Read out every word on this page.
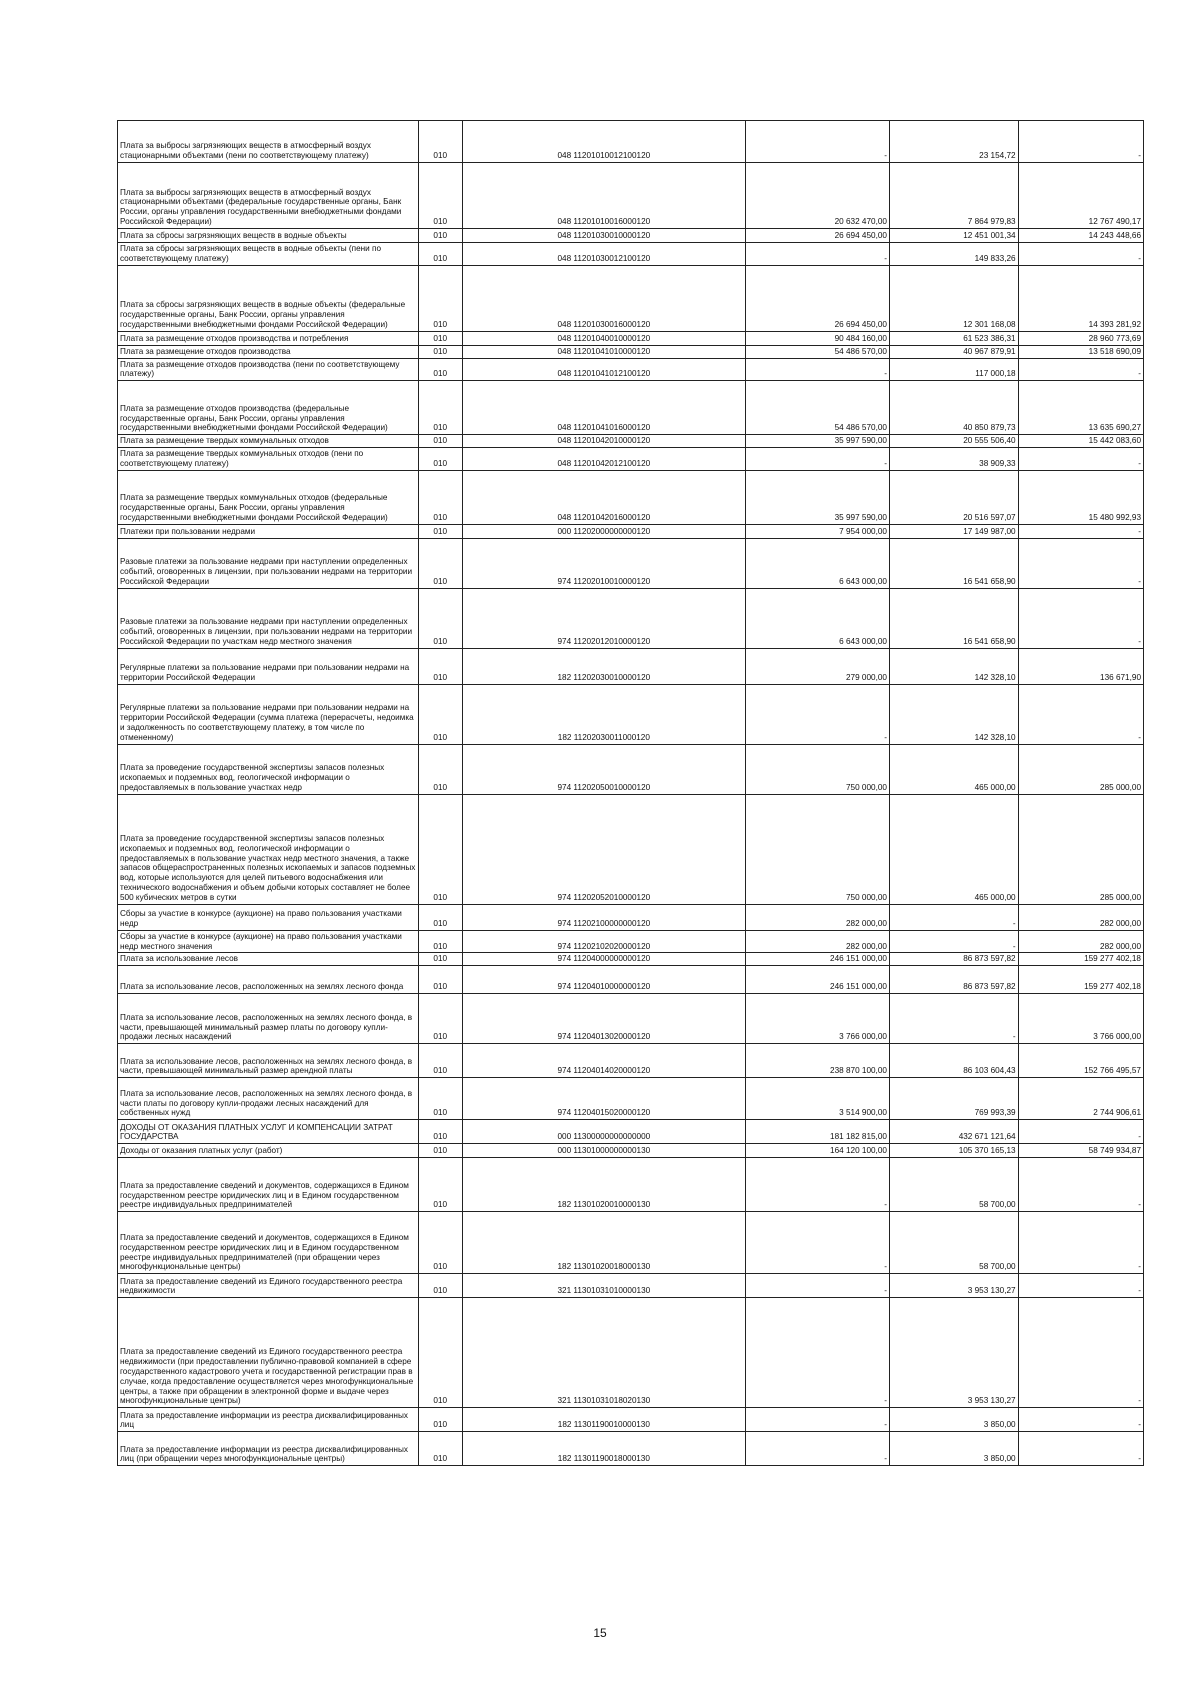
Плата за выбросы загрязняющих веществ в атмосферный воздух стационарными объектами (пени по соответствующему платежу)	010	048 11201010012100120	-	23 154,72	-
Плата за выбросы загрязняющих веществ в атмосферный воздух стационарными объектами (федеральные государственные органы, Банк России, органы управления государственными внебюджетными фондами Российской Федерации)	010	048 11201010016000120	20 632 470,00	7 864 979,83	12 767 490,17
Плата за сбросы загрязняющих веществ в водные объекты	010	048 11201030010000120	26 694 450,00	12 451 001,34	14 243 448,66
Плата за сбросы загрязняющих веществ в водные объекты (пени по соответствующему платежу)	010	048 11201030012100120	-	149 833,26	-
Плата за сбросы загрязняющих веществ в водные объекты (федеральные государственные органы, Банк России, органы управления государственными внебюджетными фондами Российской Федерации)	010	048 11201030016000120	26 694 450,00	12 301 168,08	14 393 281,92
Плата за размещение отходов производства и потребления	010	048 11201040010000120	90 484 160,00	61 523 386,31	28 960 773,69
Плата за размещение отходов производства	010	048 11201041010000120	54 486 570,00	40 967 879,91	13 518 690,09
Плата за размещение отходов производства (пени по соответствующему платежу)	010	048 11201041012100120	-	117 000,18	-
Плата за размещение отходов производства (федеральные государственные органы, Банк России, органы управления государственными внебюджетными фондами Российской Федерации)	010	048 11201041016000120	54 486 570,00	40 850 879,73	13 635 690,27
Плата за размещение твердых коммунальных отходов	010	048 11201042010000120	35 997 590,00	20 555 506,40	15 442 083,60
Плата за размещение твердых коммунальных отходов (пени по соответствующему платежу)	010	048 11201042012100120	-	38 909,33	-
Плата за размещение твердых коммунальных отходов (федеральные государственные органы, Банк России, органы управления государственными внебюджетными фондами Российской Федерации)	010	048 11201042016000120	35 997 590,00	20 516 597,07	15 480 992,93
Платежи при пользовании недрами	010	000 11202000000000120	7 954 000,00	17 149 987,00	-
Разовые платежи за пользование недрами при наступлении определенных событий, оговоренных в лицензии, при пользовании недрами на территории Российской Федерации	010	974 11202010010000120	6 643 000,00	16 541 658,90	-
Разовые платежи за пользование недрами при наступлении определенных событий, оговоренных в лицензии, при пользовании недрами на территории Российской Федерации по участкам недр местного значения	010	974 11202012010000120	6 643 000,00	16 541 658,90	-
Регулярные платежи за пользование недрами при пользовании недрами на территории Российской Федерации	010	182 11202030010000120	279 000,00	142 328,10	136 671,90
Регулярные платежи за пользование недрами при пользовании недрами на территории Российской Федерации (сумма платежа (перерасчеты, недоимка и задолженность по соответствующему платежу, в том числе по отмененному)	010	182 11202030011000120	-	142 328,10	-
Плата за проведение государственной экспертизы запасов полезных ископаемых и подземных вод, геологической информации о предоставляемых в пользование участках недр	010	974 11202050010000120	750 000,00	465 000,00	285 000,00
Плата за проведение государственной экспертизы запасов полезных ископаемых и подземных вод, геологической информации о предоставляемых в пользование участках недр местного значения, а также запасов общераспространенных полезных ископаемых и запасов подземных вод, которые используются для целей питьевого водоснабжения или технического водоснабжения и объем добычи которых составляет не более 500 кубических метров в сутки	010	974 11202052010000120	750 000,00	465 000,00	285 000,00
Сборы за участие в конкурсе (аукционе) на право пользования участками недр	010	974 11202100000000120	282 000,00	-	282 000,00
Сборы за участие в конкурсе (аукционе) на право пользования участками недр местного значения	010	974 11202102020000120	282 000,00	-	282 000,00
Плата за использование лесов	010	974 11204000000000120	246 151 000,00	86 873 597,82	159 277 402,18
Плата за использование лесов, расположенных на землях лесного фонда	010	974 11204010000000120	246 151 000,00	86 873 597,82	159 277 402,18
Плата за использование лесов, расположенных на землях лесного фонда, в части, превышающей минимальный размер платы по договору купли-продажи лесных насаждений	010	974 11204013020000120	3 766 000,00	-	3 766 000,00
Плата за использование лесов, расположенных на землях лесного фонда, в части, превышающей минимальный размер арендной платы	010	974 11204014020000120	238 870 100,00	86 103 604,43	152 766 495,57
Плата за использование лесов, расположенных на землях лесного фонда, в части платы по договору купли-продажи лесных насаждений для собственных нужд	010	974 11204015020000120	3 514 900,00	769 993,39	2 744 906,61
ДОХОДЫ ОТ ОКАЗАНИЯ ПЛАТНЫХ УСЛУГ И КОМПЕНСАЦИИ ЗАТРАТ ГОСУДАРСТВА	010	000 11300000000000000	181 182 815,00	432 671 121,64	-
Доходы от оказания платных услуг (работ)	010	000 11301000000000130	164 120 100,00	105 370 165,13	58 749 934,87
Плата за предоставление сведений и документов, содержащихся в Едином государственном реестре юридических лиц и в Едином государственном реестре индивидуальных предпринимателей	010	182 11301020010000130	-	58 700,00	-
Плата за предоставление сведений и документов, содержащихся в Едином государственном реестре юридических лиц и в Едином государственном реестре индивидуальных предпринимателей (при обращении через многофункциональные центры)	010	182 11301020018000130	-	58 700,00	-
Плата за предоставление сведений из Единого государственного реестра недвижимости	010	321 11301031010000130	-	3 953 130,27	-
Плата за предоставление сведений из Единого государственного реестра недвижимости (при предоставлении публично-правовой компанией в сфере государственного кадастрового учета и государственной регистрации прав в случае, когда предоставление осуществляется через многофункциональные центры, а также при обращении в электронной форме и выдаче через многофункциональные центры)	010	321 11301031018020130	-	3 953 130,27	-
Плата за предоставление информации из реестра дисквалифицированных лиц	010	182 11301190010000130	-	3 850,00	-
Плата за предоставление информации из реестра дисквалифицированных лиц (при обращении через многофункциональные центры)	010	182 11301190018000130	-	3 850,00	-
15
